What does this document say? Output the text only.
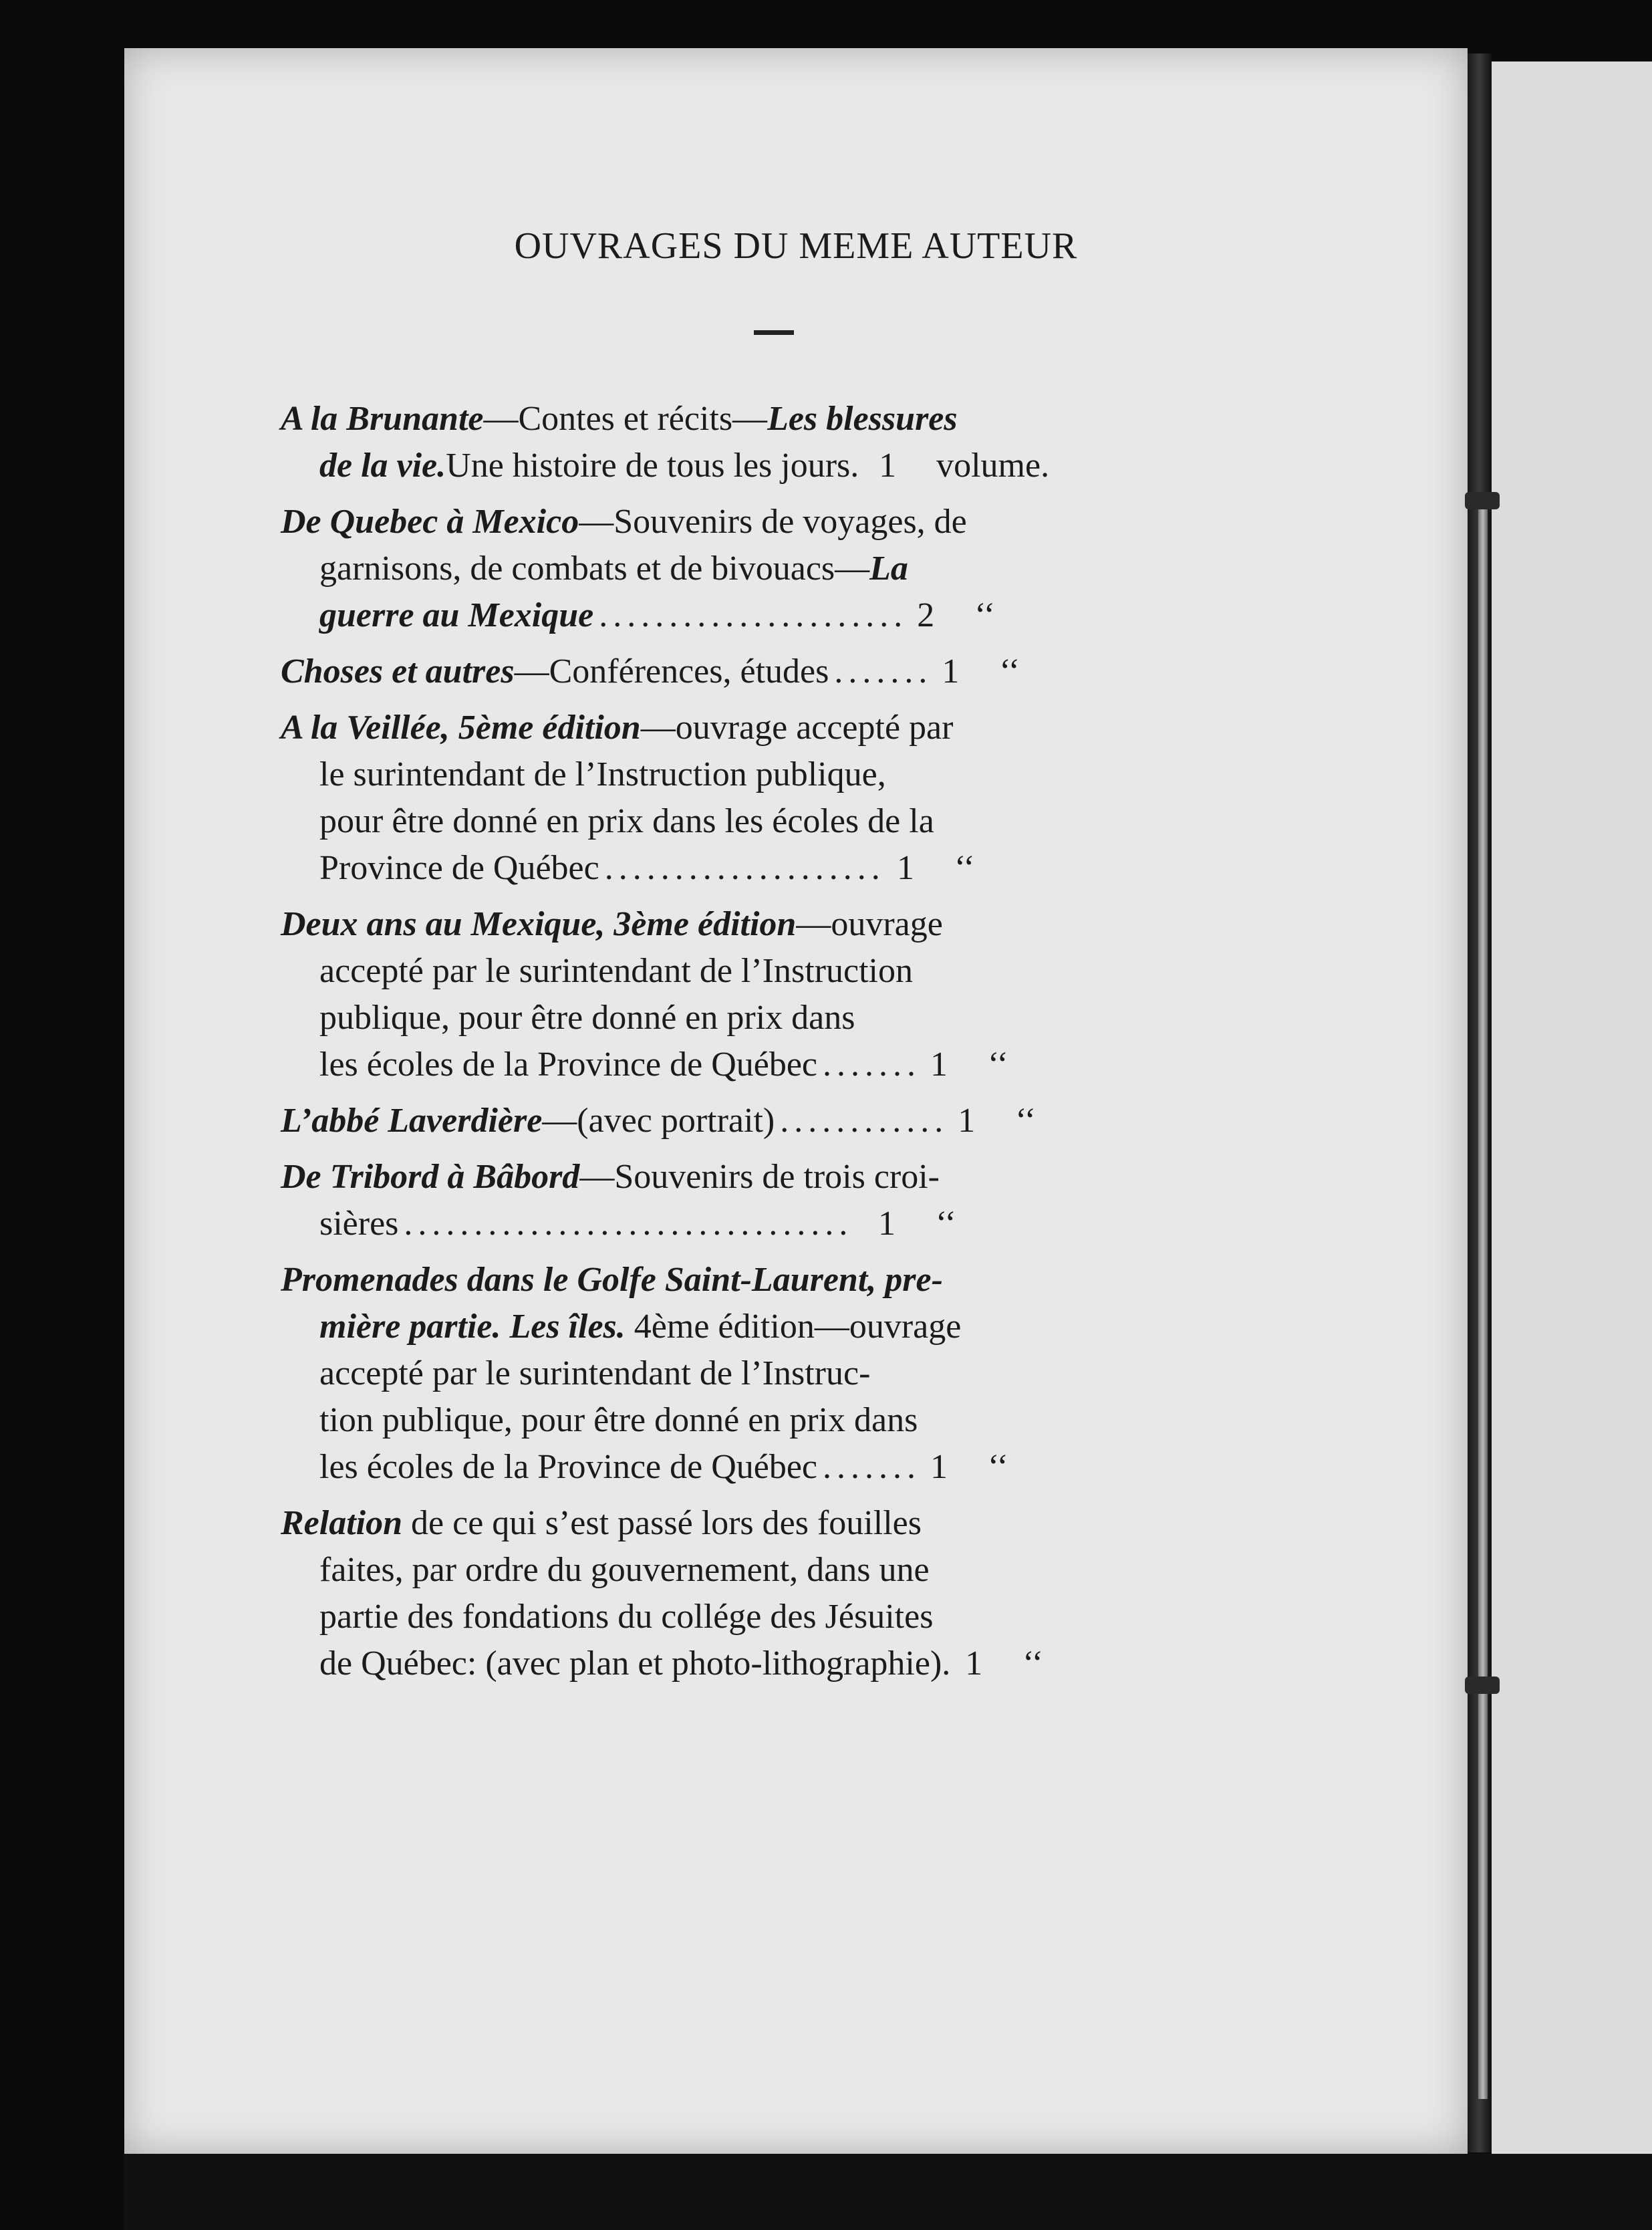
OUVRAGES DU MEME AUTEUR
A la Brunante—Contes et récits—Les blessures
de la vie.Une histoire de tous les jours. 1 volume.
De Quebec à Mexico—Souvenirs de voyages, de
garnisons, de combats et de bivouacs—La
guerre au Mexique ...................... 2 ‘‘
Choses et autres—Conférences, études ....... 1 ‘‘
A la Veillée, 5ème édition—ouvrage accepté par
le surintendant de l’Instruction publique,
pour être donné en prix dans les écoles de la
Province de Québec .................... 1 ‘‘
Deux ans au Mexique, 3ème édition—ouvrage
accepté par le surintendant de l’Instruction
publique, pour être donné en prix dans
les écoles de la Province de Québec ....... 1 ‘‘
L’abbé Laverdière—(avec portrait) ............ 1 ‘‘
De Tribord à Bâbord—Souvenirs de trois croi-
sières ................................ 1 ‘‘
Promenades dans le Golfe Saint-Laurent, pre-
mière partie. Les îles. 4ème édition—ouvrage
accepté par le surintendant de l’Instruc-
tion publique, pour être donné en prix dans
les écoles de la Province de Québec ....... 1 ‘‘
Relation de ce qui s’est passé lors des fouilles
faites, par ordre du gouvernement, dans une
partie des fondations du collége des Jésuites
de Québec: (avec plan et photo-lithographie). 1 ‘‘
